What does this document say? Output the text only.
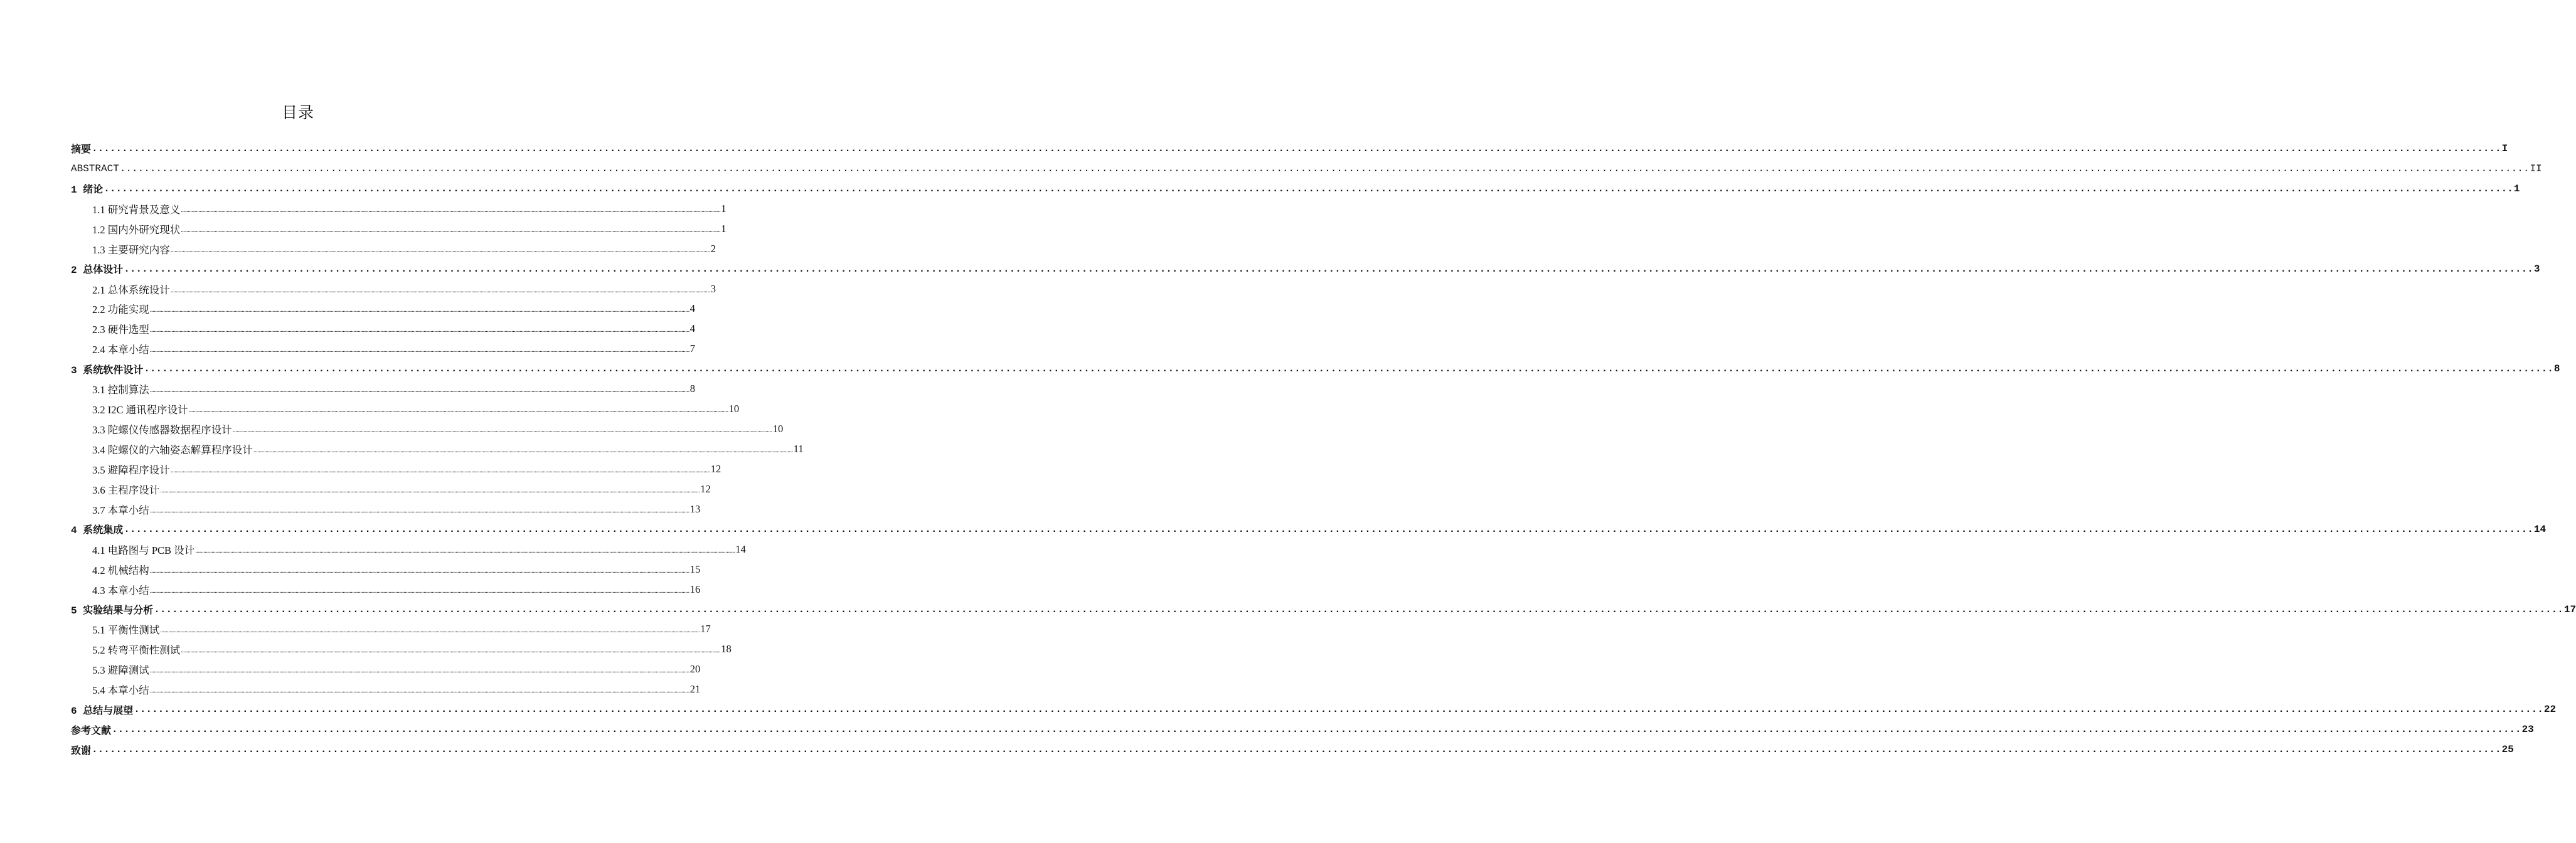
目录
摘要 ................................................................................................................................................................................................................................................................................................................................................................................................................ I
ABSTRACT ................................................................................................................................................................................................................................................................................................................................................................................................................ II
1 绪论 ................................................................................................................................................................................................................................................................................................................................................................................................................ 1
1.1 研究背景及意义 ................................................................................................................................................................................................................................................................................................................................................................................................................ 1
1.2 国内外研究现状 ................................................................................................................................................................................................................................................................................................................................................................................................................ 1
1.3 主要研究内容 ................................................................................................................................................................................................................................................................................................................................................................................................................ 2
2 总体设计 ................................................................................................................................................................................................................................................................................................................................................................................................................ 3
2.1 总体系统设计 ................................................................................................................................................................................................................................................................................................................................................................................................................ 3
2.2 功能实现 ................................................................................................................................................................................................................................................................................................................................................................................................................ 4
2.3 硬件选型 ................................................................................................................................................................................................................................................................................................................................................................................................................ 4
2.4 本章小结 ................................................................................................................................................................................................................................................................................................................................................................................................................ 7
3 系统软件设计 ................................................................................................................................................................................................................................................................................................................................................................................................................ 8
3.1 控制算法 ................................................................................................................................................................................................................................................................................................................................................................................................................ 8
3.2 I2C 通讯程序设计 ................................................................................................................................................................................................................................................................................................................................................................................................................ 10
3.3 陀螺仪传感器数据程序设计 ................................................................................................................................................................................................................................................................................................................................................................................................................ 10
3.4 陀螺仪的六轴姿态解算程序设计 ................................................................................................................................................................................................................................................................................................................................................................................................................ 11
3.5 避障程序设计 ................................................................................................................................................................................................................................................................................................................................................................................................................ 12
3.6 主程序设计 ................................................................................................................................................................................................................................................................................................................................................................................................................ 12
3.7 本章小结 ................................................................................................................................................................................................................................................................................................................................................................................................................ 13
4 系统集成 ................................................................................................................................................................................................................................................................................................................................................................................................................ 14
4.1 电路图与 PCB 设计 ................................................................................................................................................................................................................................................................................................................................................................................................................ 14
4.2 机械结构 ................................................................................................................................................................................................................................................................................................................................................................................................................ 15
4.3 本章小结 ................................................................................................................................................................................................................................................................................................................................................................................................................ 16
5 实验结果与分析 ................................................................................................................................................................................................................................................................................................................................................................................................................ 17
5.1 平衡性测试 ................................................................................................................................................................................................................................................................................................................................................................................................................ 17
5.2 转弯平衡性测试 ................................................................................................................................................................................................................................................................................................................................................................................................................ 18
5.3 避障测试 ................................................................................................................................................................................................................................................................................................................................................................................................................ 20
5.4 本章小结 ................................................................................................................................................................................................................................................................................................................................................................................................................ 21
6 总结与展望 ................................................................................................................................................................................................................................................................................................................................................................................................................ 22
参考文献 ................................................................................................................................................................................................................................................................................................................................................................................................................ 23
致谢 ................................................................................................................................................................................................................................................................................................................................................................................................................ 25
